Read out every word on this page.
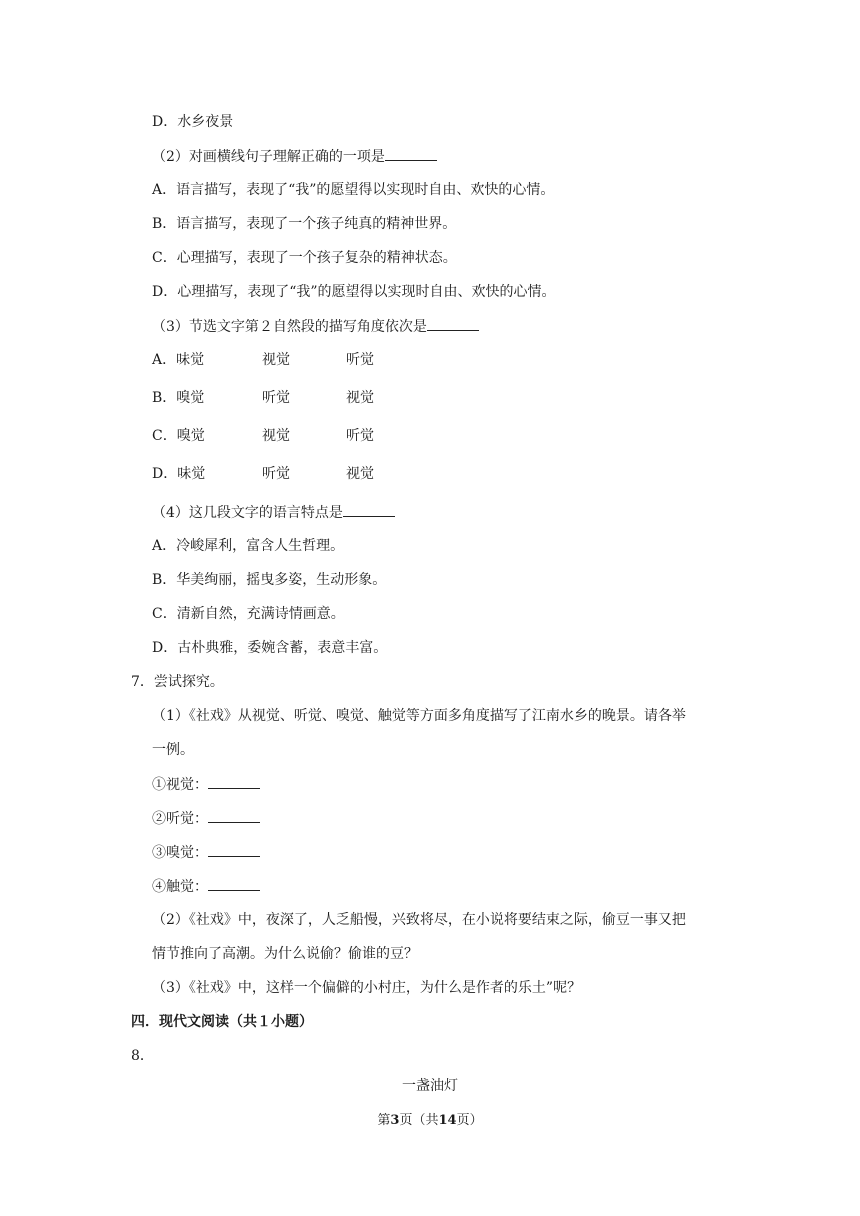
D．水乡夜景
（2）对画横线句子理解正确的一项是
A．语言描写，表现了“我”的愿望得以实现时自由、欢快的心情。
B．语言描写，表现了一个孩子纯真的精神世界。
C．心理描写，表现了一个孩子复杂的精神状态。
D．心理描写，表现了“我”的愿望得以实现时自由、欢快的心情。
（3）节选文字第２自然段的描写角度依次是
A．味觉	视觉	听觉
B．嗅觉	听觉	视觉
C．嗅觉	视觉	听觉
D．味觉	听觉	视觉
（4）这几段文字的语言特点是
A．冷峻犀利，富含人生哲理。
B．华美绚丽，摇曳多姿，生动形象。
C．清新自然，充满诗情画意。
D．古朴典雅，委婉含蓄，表意丰富。
7．尝试探究。
（1）《社戏》从视觉、听觉、嗅觉、触觉等方面多角度描写了江南水乡的晚景。请各举
一例。
①视觉：
②听觉：
③嗅觉：
④触觉：
（2）《社戏》中，夜深了，人乏船慢，兴致将尽，在小说将要结束之际，偷豆一事又把
情节推向了高潮。为什么说偷？偷谁的豆？
（3）《社戏》中，这样一个偏僻的小村庄，为什么是作者的乐土”呢？
四．现代文阅读（共１小题）
8．
一盏油灯
第3页（共14页）
